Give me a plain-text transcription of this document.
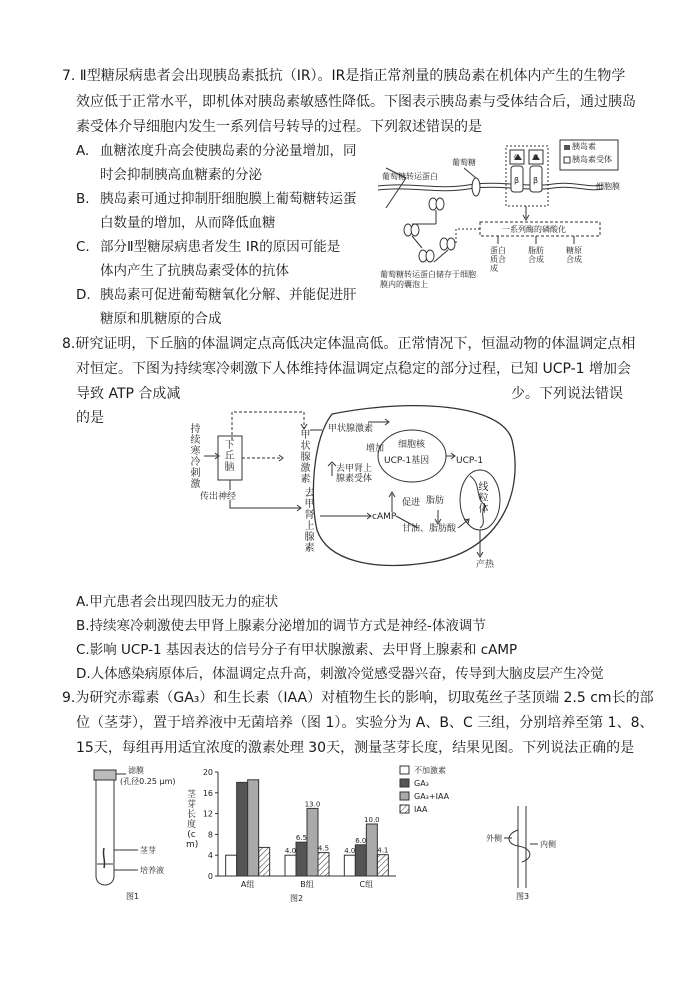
7. Ⅱ型糖尿病患者会出现胰岛素抵抗（IR）。IR是指正常剂量的胰岛素在机体内产生的生物学
效应低于正常水平，即机体对胰岛素敏感性降低。下图表示胰岛素与受体结合后，通过胰岛
素受体介导细胞内发生一系列信号转导的过程。下列叙述错误的是
A. 血糖浓度升高会使胰岛素的分泌量增加，同
时会抑制胰高血糖素的分泌
B. 胰岛素可通过抑制肝细胞膜上葡萄糖转运蛋
白数量的增加，从而降低血糖
C. 部分Ⅱ型糖尿病患者发生 IR的原因可能是
体内产生了抗胰岛素受体的抗体
D. 胰岛素可促进葡萄糖氧化分解、并能促进肝
糖原和肌糖原的合成
胰岛素
胰岛素受体
葡萄糖
葡萄糖转运蛋白
细胞膜
α α
β β
一系列酶的磷酸化
蛋白质合成
脂肪合成
糖原合成
葡萄糖转运蛋白储存于细胞膜内的囊泡上
8.研究证明，下丘脑的体温调定点高低决定体温高低。正常情况下，恒温动物的体温调定点相
对恒定。下图为持续寒冷刺激下人体维持体温调定点稳定的部分过程，已知 UCP-1 增加会
导致 ATP 合成减	少。下列说法错误
的是
持续寒冷刺激
下丘脑
甲状腺激素
传出神经	去甲肾上腺素
甲状腺激素
增加 细胞核
UCP-1基因	UCP-1
去甲肾上腺素受体
线粒体
cAMP
促进 脂肪
甘油、脂肪酸
产热
A.甲亢患者会出现四肢无力的症状
B.持续寒冷刺激使去甲肾上腺素分泌增加的调节方式是神经-体液调节
C.影响 UCP-1 基因表达的信号分子有甲状腺激素、去甲肾上腺素和 cAMP
D.人体感染病原体后，体温调定点升高，刺激冷觉感受器兴奋，传导到大脑皮层产生冷觉
9.为研究赤霉素（GA₃）和生长素（IAA）对植物生长的影响，切取菟丝子茎顶端 2.5 cm长的部
位（茎芽），置于培养液中无菌培养（图 1）。实验分为 A、B、C 三组，分别培养至第 1、8、
15天，每组再用适宜浓度的激素处理 30天，测量茎芽长度，结果见图。下列说法正确的是
滤膜
(孔径0.25 μm)
茎芽
培养液
图1
0
4
8
12
16
20
A组	B组	C组
4.0
6.5
13.0
4.5 4.0
6.0
10.0
4.1
不加激素
GA₃
GA₃+IAA
IAA
茎芽长度(cm)
图2
外侧
内侧
图3
